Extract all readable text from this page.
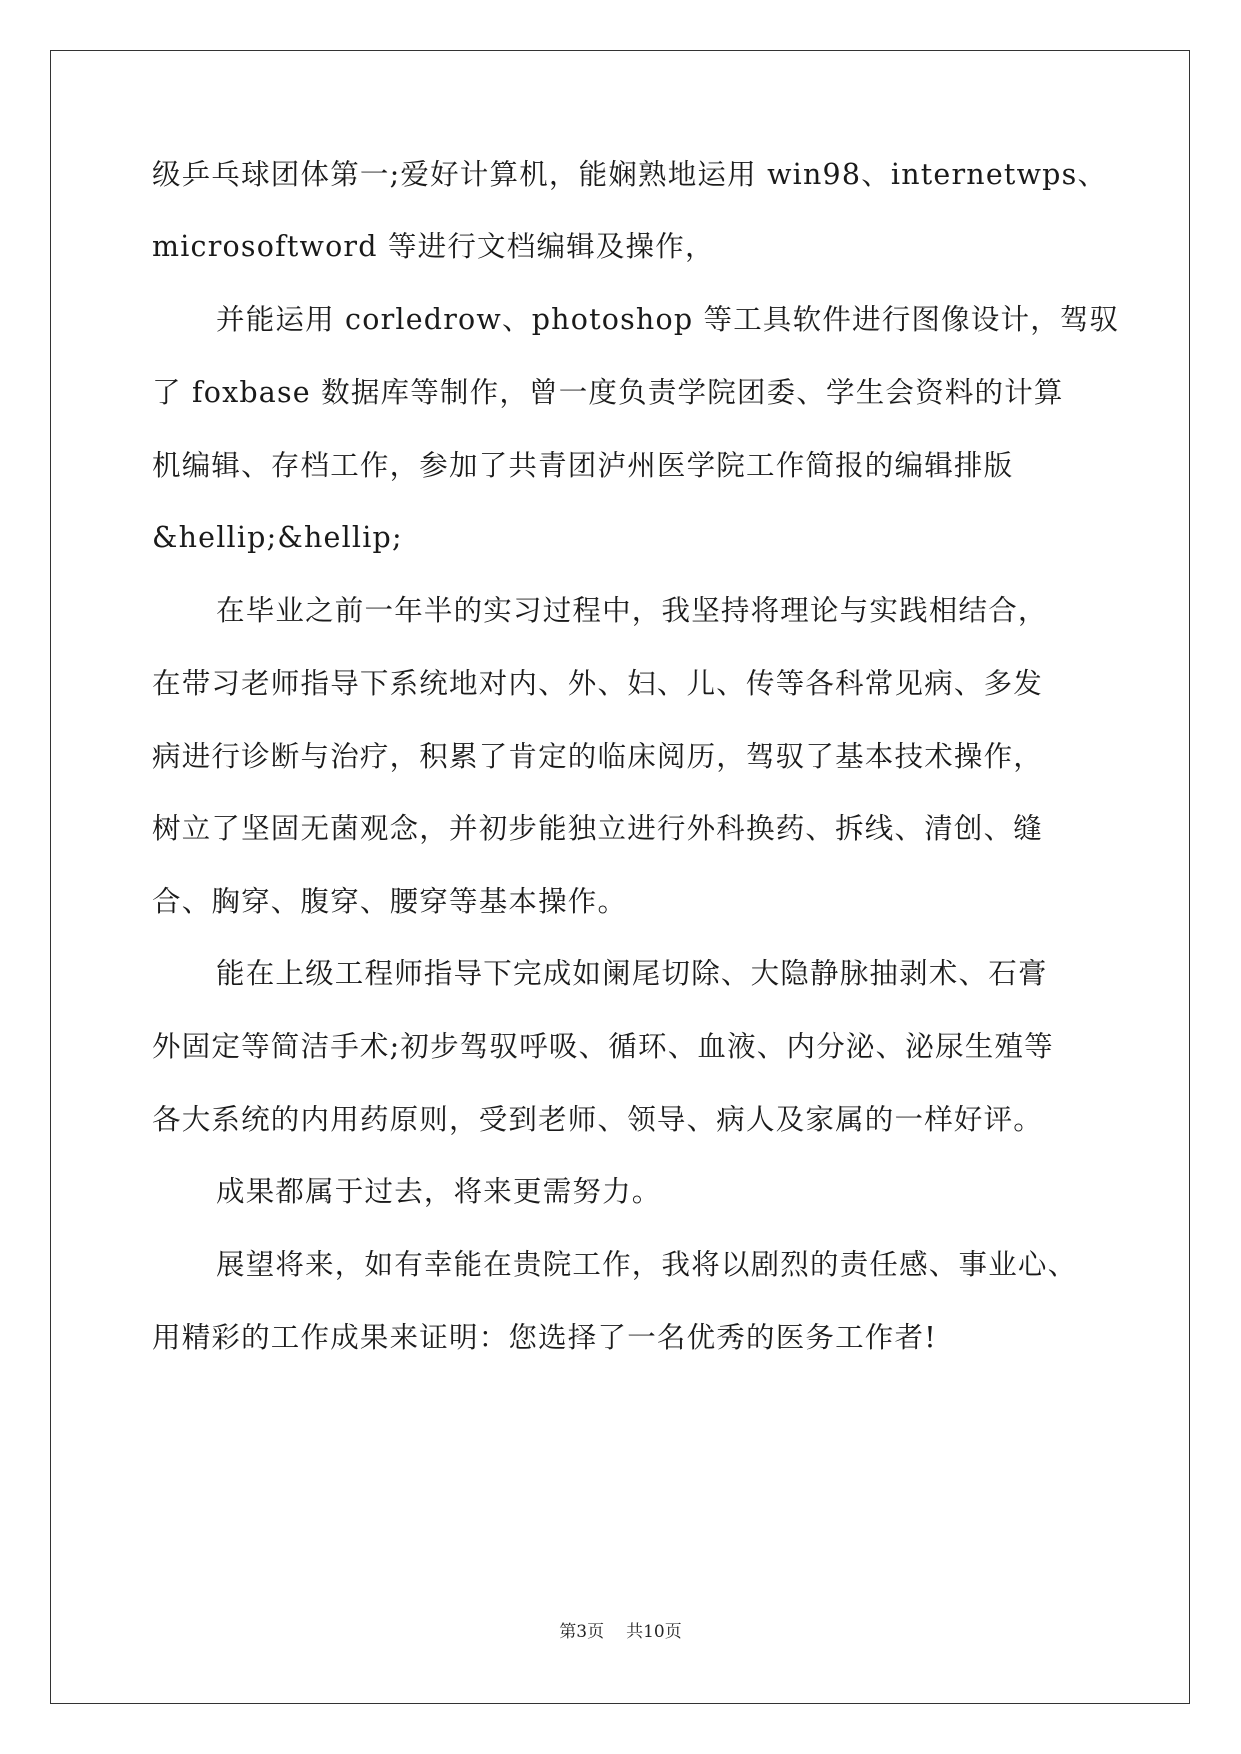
级乒乓球团体第一;爱好计算机，能娴熟地运用 win98、internetwps、
microsoftword 等进行文档编辑及操作，
并能运用 corledrow、photoshop 等工具软件进行图像设计，驾驭
了 foxbase 数据库等制作，曾一度负责学院团委、学生会资料的计算
机编辑、存档工作，参加了共青团泸州医学院工作简报的编辑排版
&hellip;&hellip;
在毕业之前一年半的实习过程中，我坚持将理论与实践相结合，
在带习老师指导下系统地对内、外、妇、儿、传等各科常见病、多发
病进行诊断与治疗，积累了肯定的临床阅历，驾驭了基本技术操作，
树立了坚固无菌观念，并初步能独立进行外科换药、拆线、清创、缝
合、胸穿、腹穿、腰穿等基本操作。
能在上级工程师指导下完成如阑尾切除、大隐静脉抽剥术、石膏
外固定等简洁手术;初步驾驭呼吸、循环、血液、内分泌、泌尿生殖等
各大系统的内用药原则，受到老师、领导、病人及家属的一样好评。
成果都属于过去，将来更需努力。
展望将来，如有幸能在贵院工作，我将以剧烈的责任感、事业心、
用精彩的工作成果来证明：您选择了一名优秀的医务工作者!
第3页 共10页
